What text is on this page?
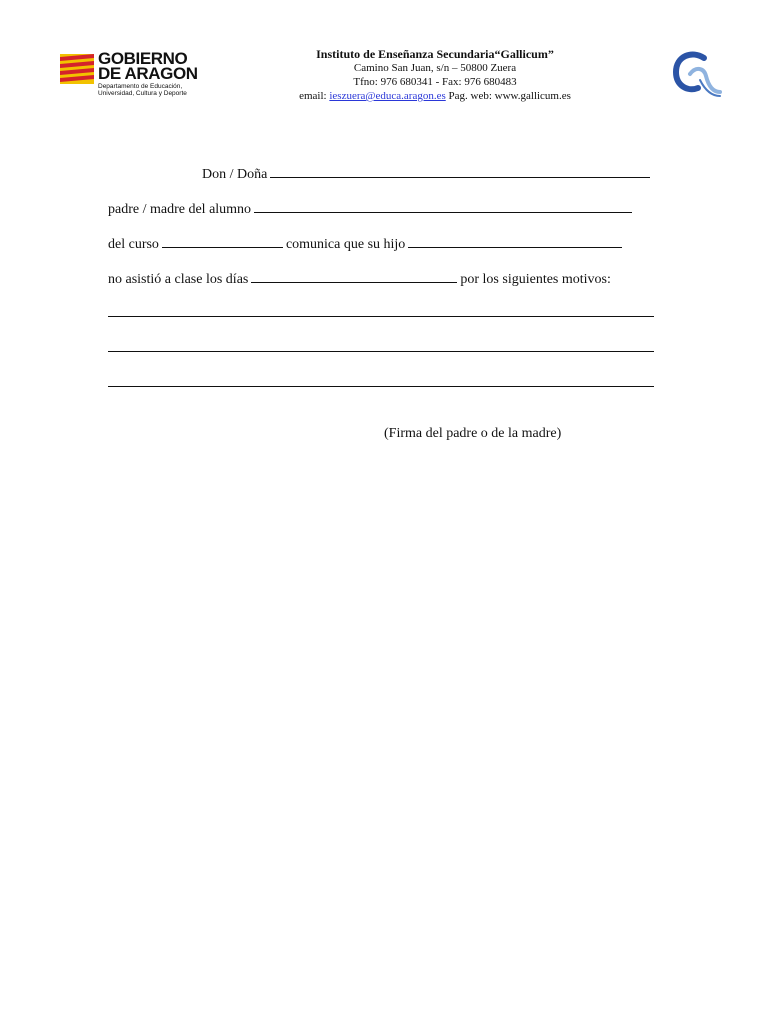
GOBIERNO
DE ARAGON
Departamento de Educación,
Universidad, Cultura y Deporte
Instituto de Enseñanza Secundaria“Gallicum”
Camino San Juan, s/n – 50800 Zuera
Tfno: 976 680341 - Fax: 976 680483
email: ieszuera@educa.aragon.es Pag. web: www.gallicum.es
Don / Doña
padre / madre del alumno
del curso	comunica que su hijo
no asistió a clase los días	por los siguientes motivos:
(Firma del padre o de la madre)
